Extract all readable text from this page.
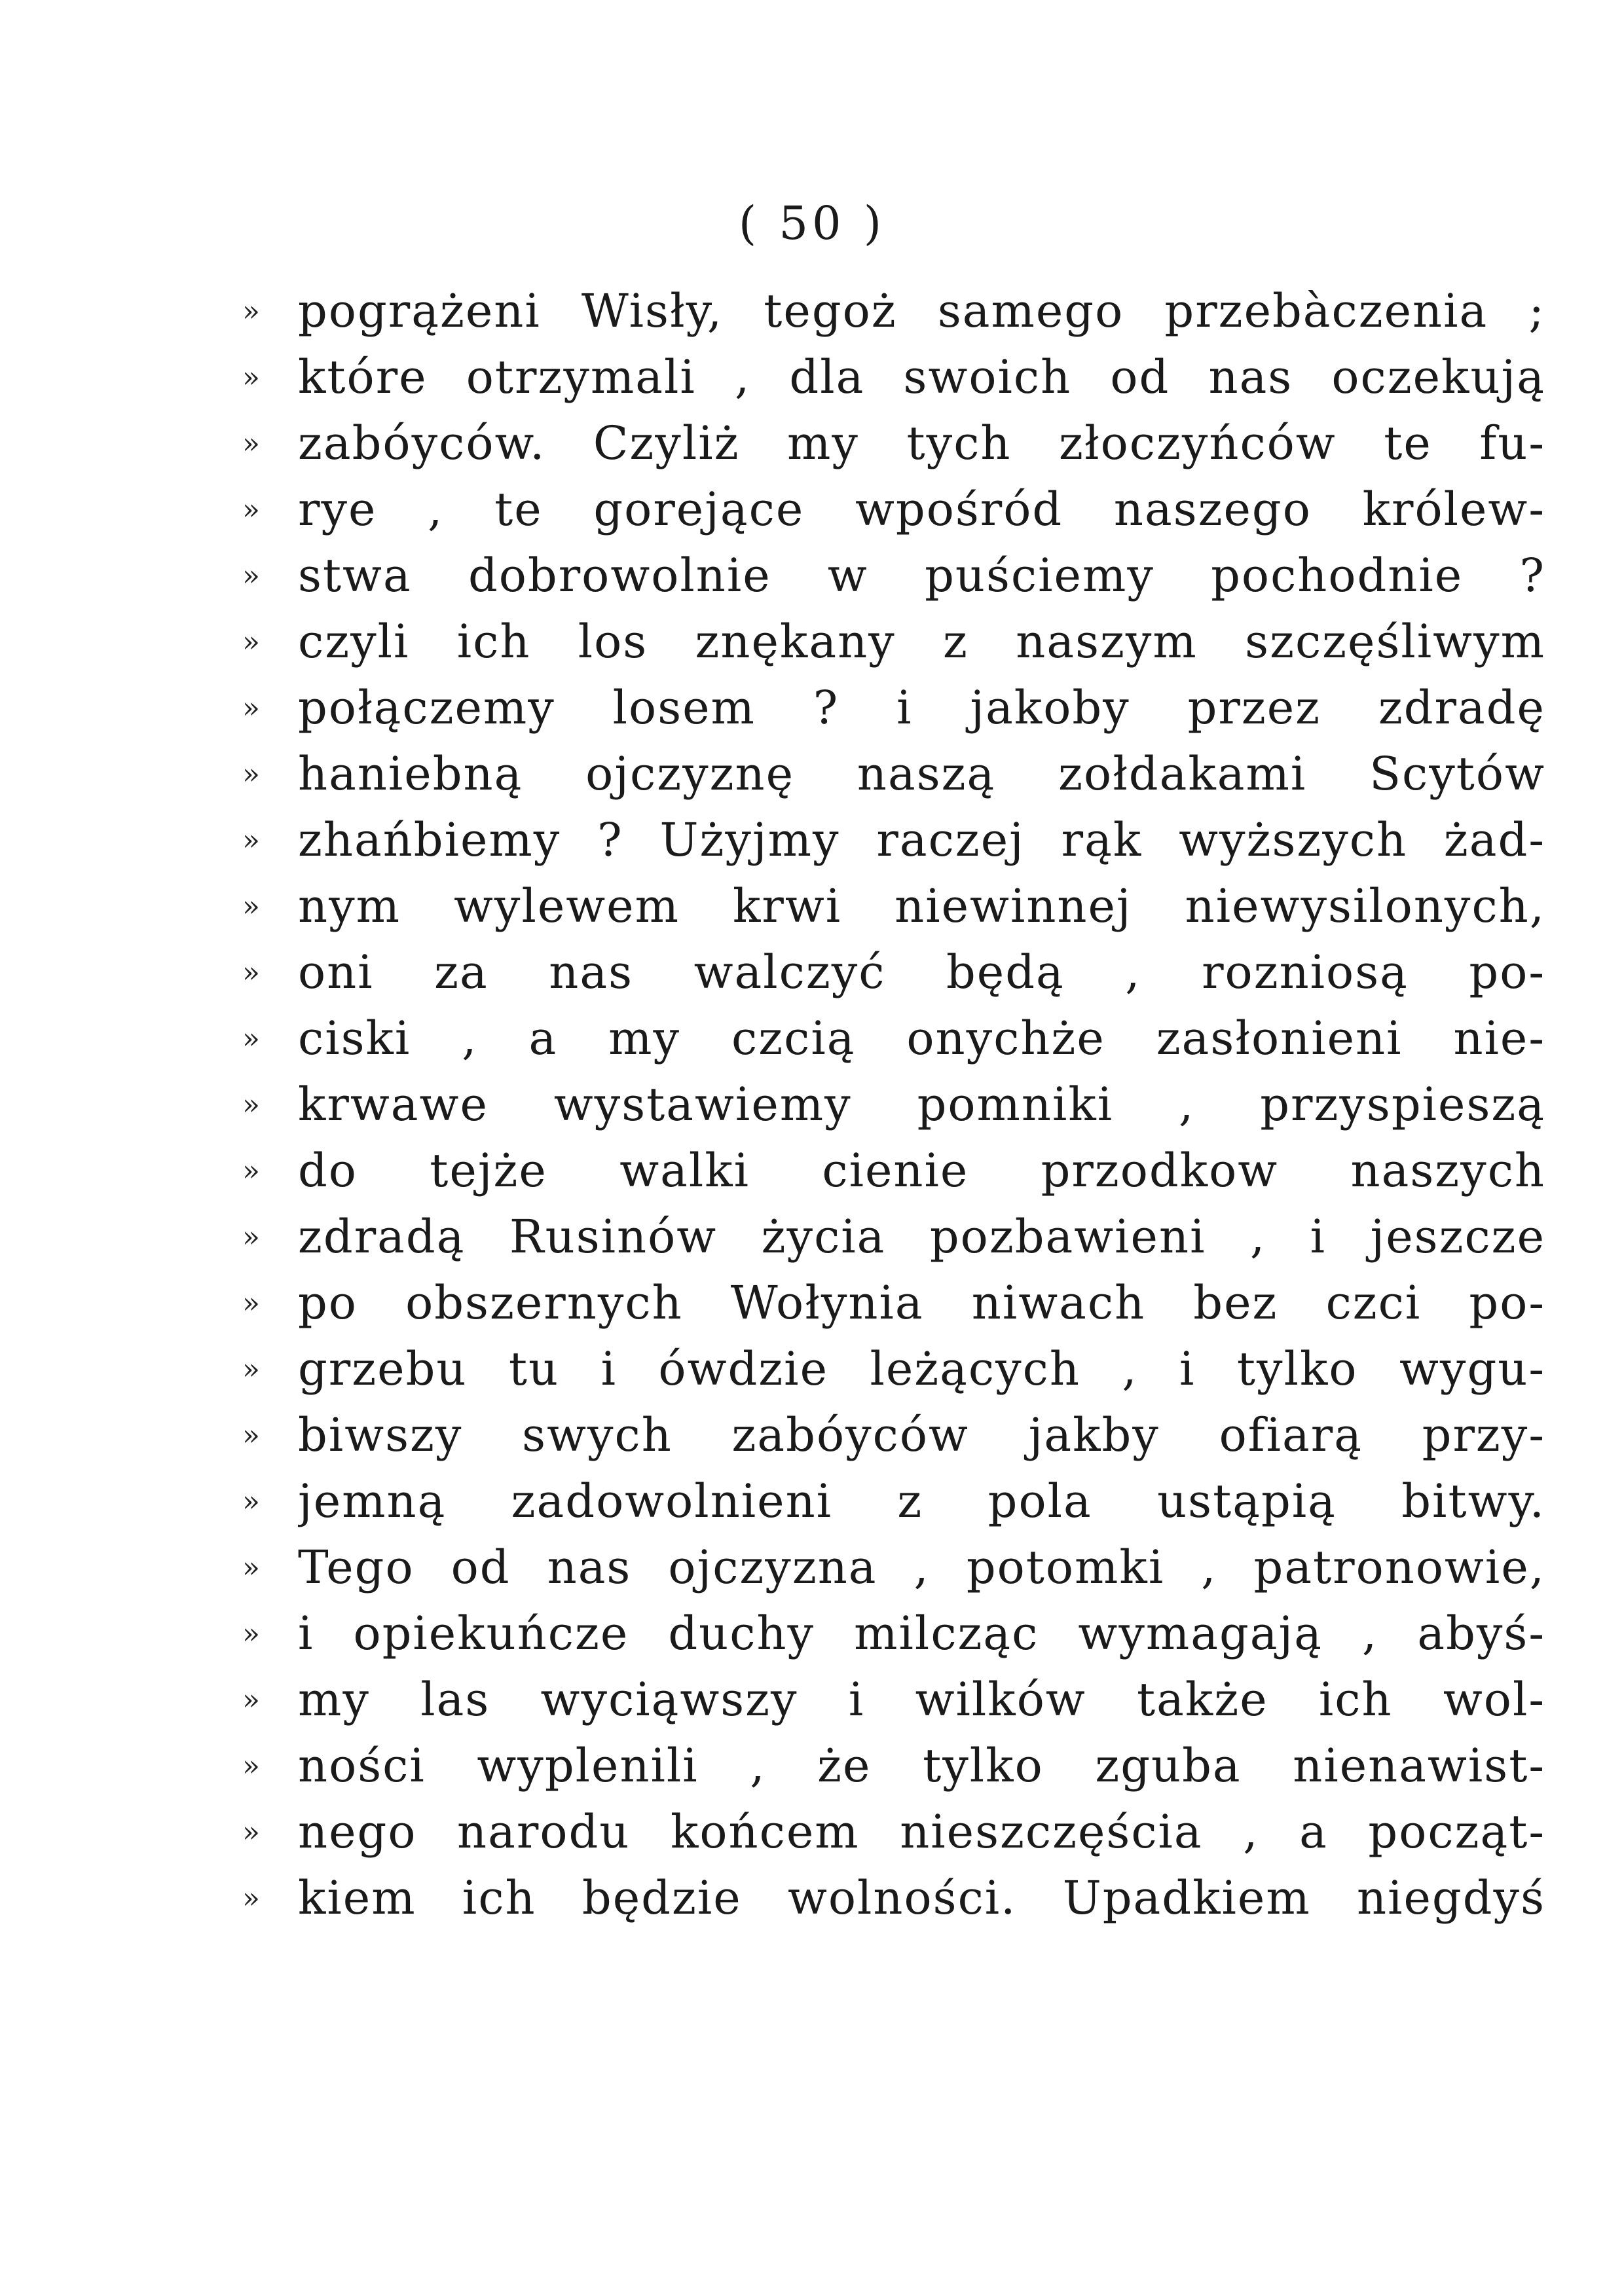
( 50 )
» pogrążeni Wisły, tegoż samego przebàczenia ;
» które otrzymali , dla swoich od nas oczekują
» zabóyców. Czyliż my tych złoczyńców te fu-
» rye , te gorejące wpośród naszego królew-
» stwa dobrowolnie w puściemy pochodnie ?
» czyli ich los znękany z naszym szczęśliwym
» połączemy losem ? i jakoby przez zdradę
» haniebną ojczyznę naszą zołdakami Scytów
» zhańbiemy ? Użyjmy raczej rąk wyższych żad-
» nym wylewem krwi niewinnej niewysilonych,
» oni za nas walczyć będą , rozniosą po-
» ciski , a my czcią onychże zasłonieni nie-
» krwawe wystawiemy pomniki , przyspieszą
» do tejże walki cienie przodkow naszych
» zdradą Rusinów życia pozbawieni , i jeszcze
» po obszernych Wołynia niwach bez czci po-
» grzebu tu i ówdzie leżących , i tylko wygu-
» biwszy swych zabóyców jakby ofiarą przy-
» jemną zadowolnieni z pola ustąpią bitwy.
» Tego od nas ojczyzna , potomki , patronowie,
» i opiekuńcze duchy milcząc wymagają , abyś-
» my las wyciąwszy i wilków także ich wol-
» ności wyplenili , że tylko zguba nienawist-
» nego narodu końcem nieszczęścia , a począt-
» kiem ich będzie wolności. Upadkiem niegdyś
